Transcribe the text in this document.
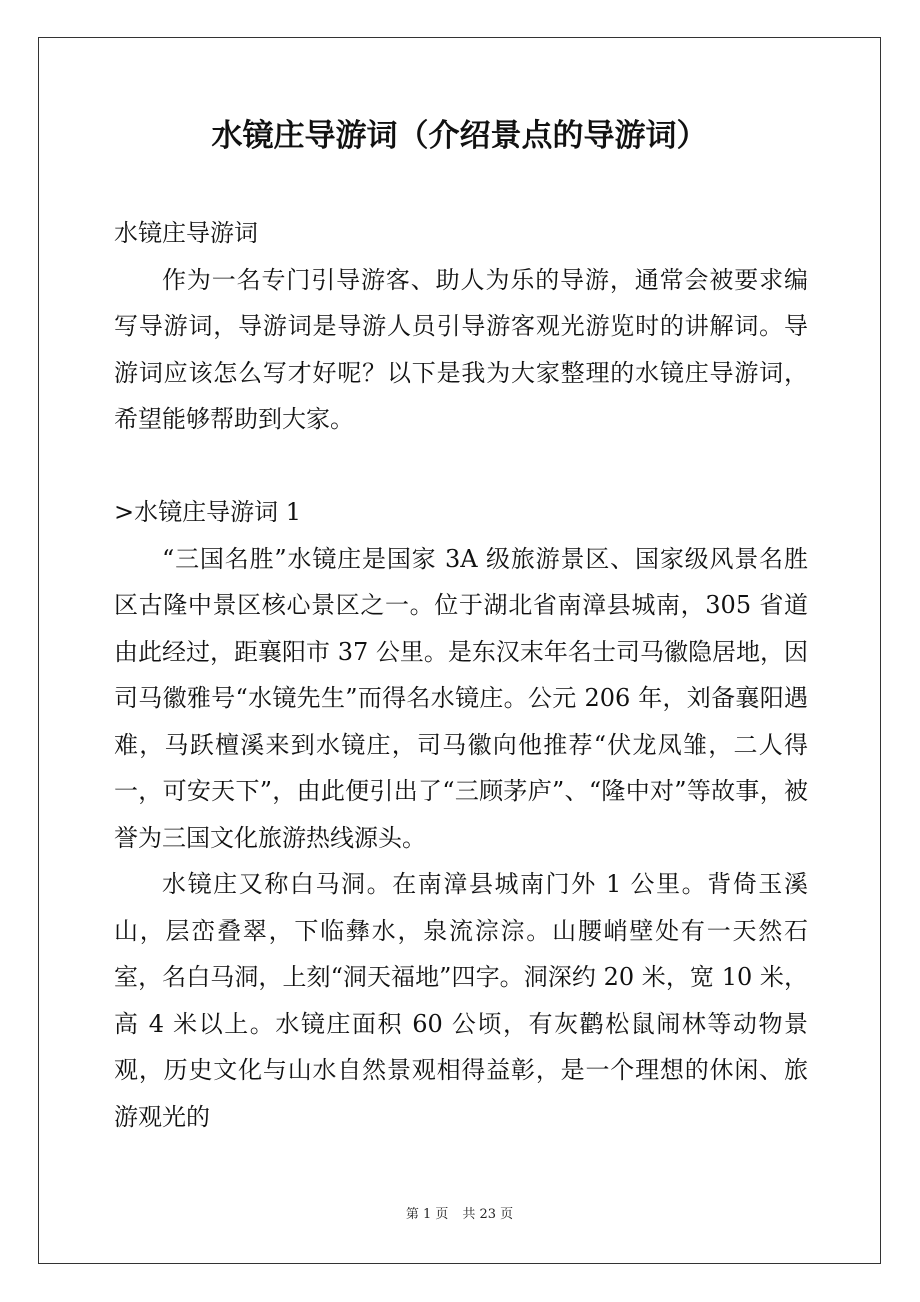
水镜庄导游词（介绍景点的导游词）

水镜庄导游词

作为一名专门引导游客、助人为乐的导游，通常会被要求编写导游词，导游词是导游人员引导游客观光游览时的讲解词。导游词应该怎么写才好呢？以下是我为大家整理的水镜庄导游词，希望能够帮助到大家。

>水镜庄导游词 1

“三国名胜”水镜庄是国家 3A 级旅游景区、国家级风景名胜区古隆中景区核心景区之一。位于湖北省南漳县城南，305 省道由此经过，距襄阳市 37 公里。是东汉末年名士司马徽隐居地，因司马徽雅号“水镜先生”而得名水镜庄。公元 206 年，刘备襄阳遇难，马跃檀溪来到水镜庄，司马徽向他推荐“伏龙凤雏，二人得一，可安天下”，由此便引出了“三顾茅庐”、“隆中对”等故事，被誉为三国文化旅游热线源头。

水镜庄又称白马洞。在南漳县城南门外 1 公里。背倚玉溪山，层峦叠翠，下临彝水，泉流淙淙。山腰峭壁处有一天然石室，名白马洞，上刻“洞天福地”四字。洞深约 20 米，宽 10 米，高 4 米以上。水镜庄面积 60 公顷，有灰鹳松鼠闹林等动物景观，历史文化与山水自然景观相得益彰，是一个理想的休闲、旅游观光的

第 1 页 共 23 页
